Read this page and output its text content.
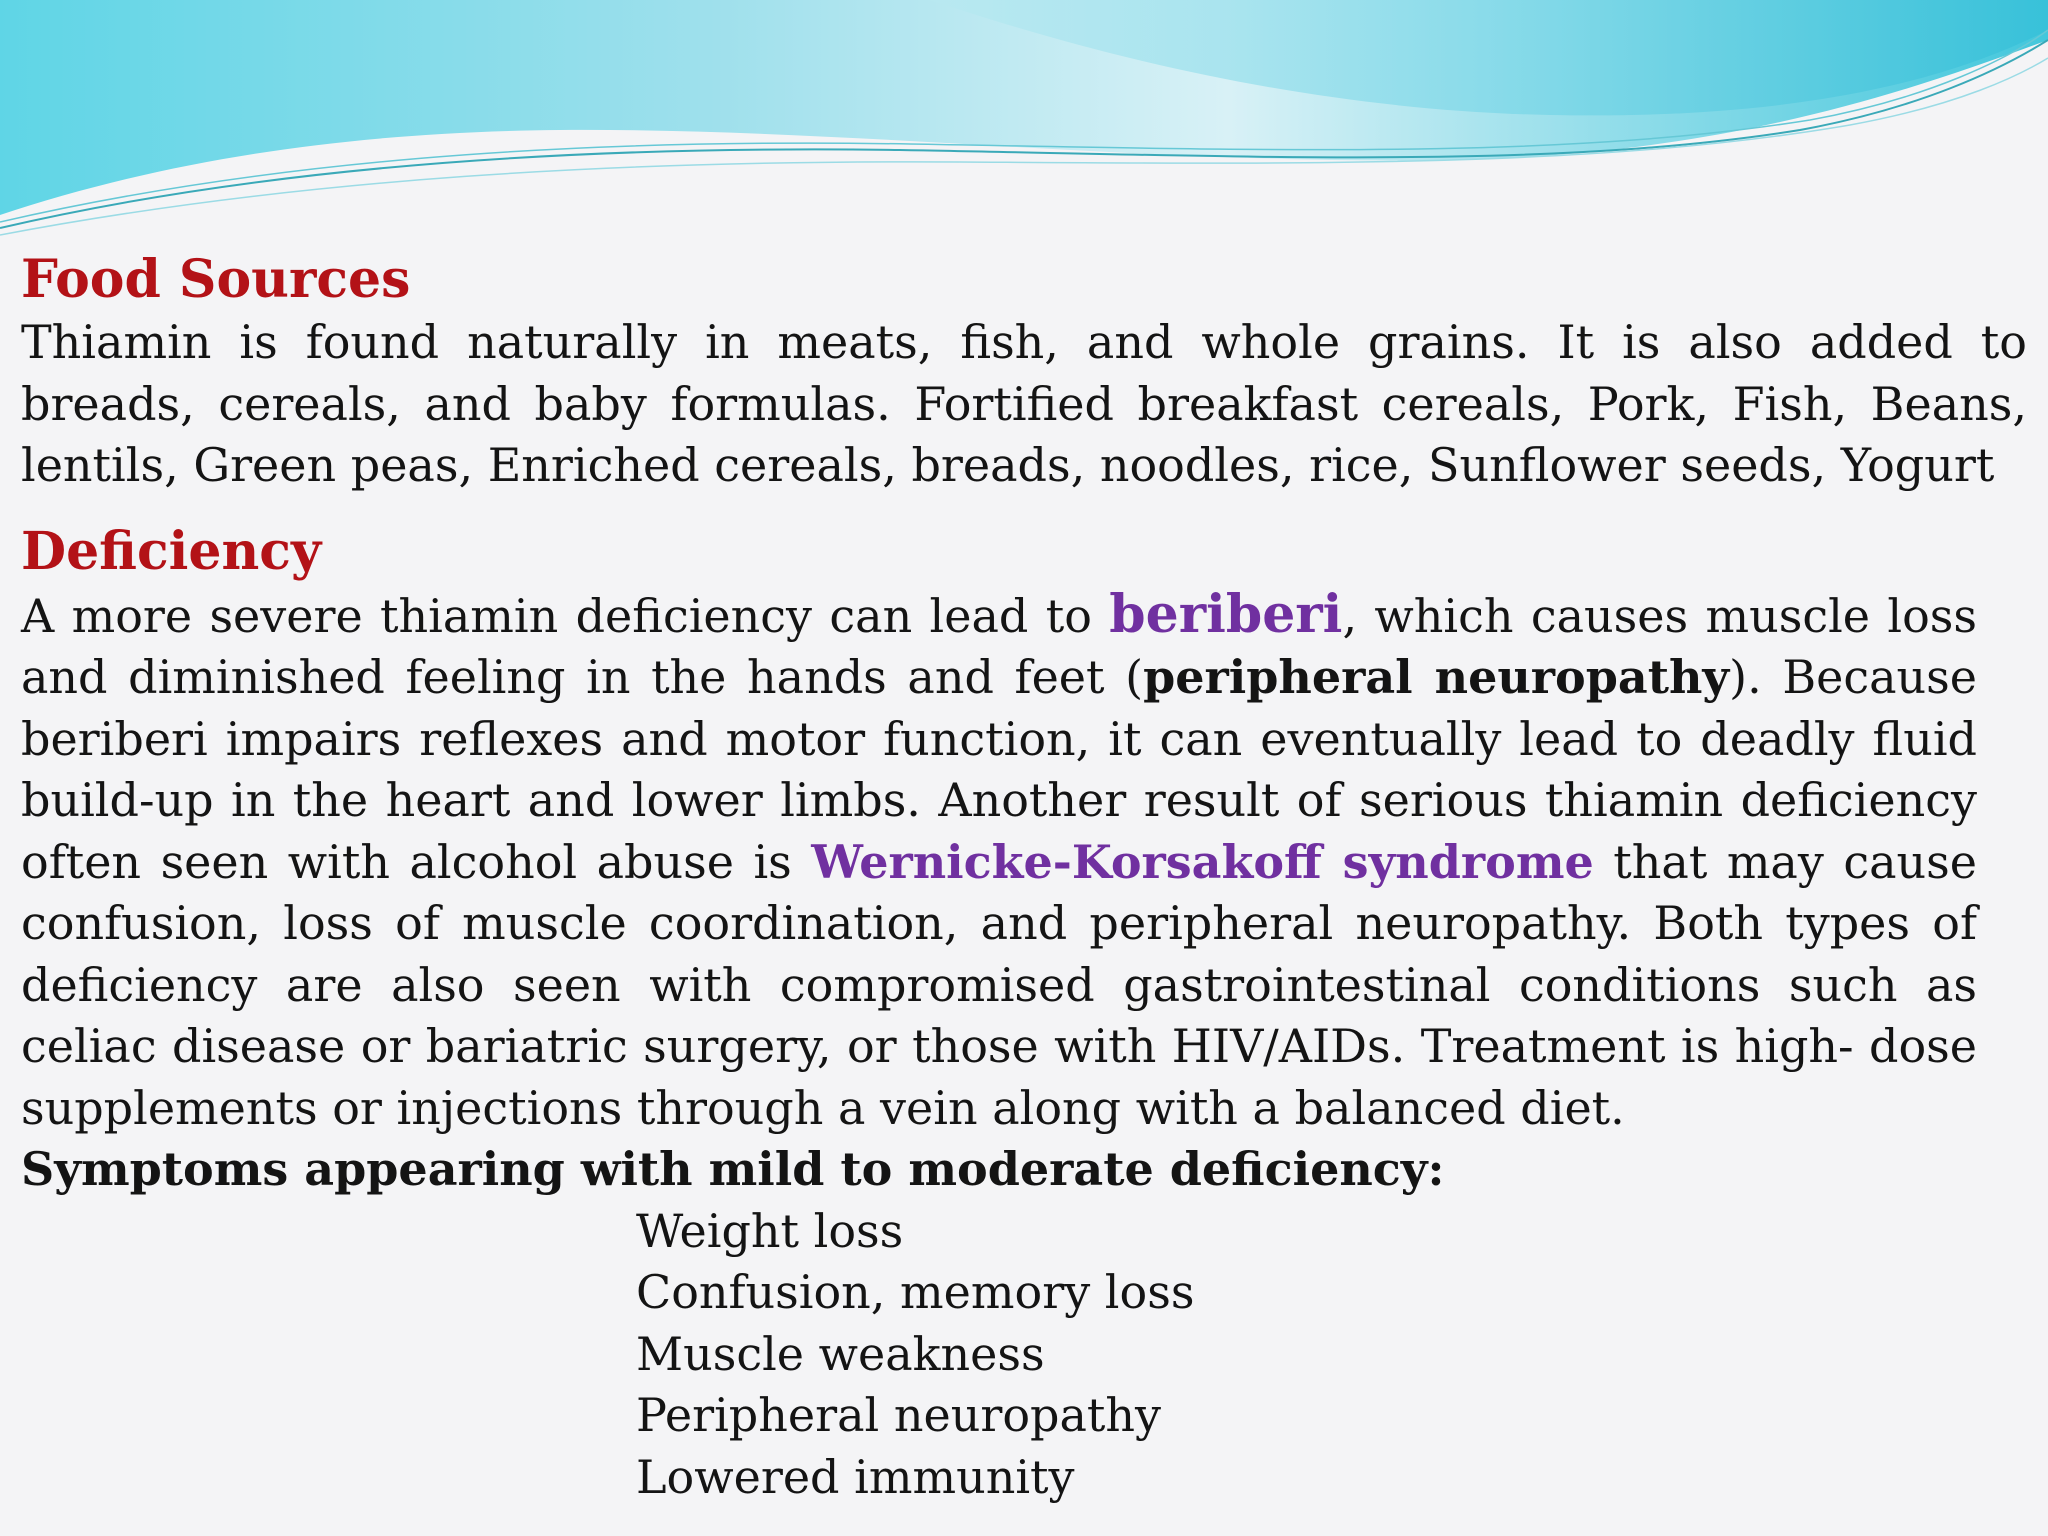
Food Sources

Thiamin is found naturally in meats, fish, and whole grains. It is also added to breads, cereals, and baby formulas. Fortified breakfast cereals, Pork, Fish, Beans, lentils, Green peas, Enriched cereals, breads, noodles, rice, Sunflower seeds, Yogurt

Deficiency

A more severe thiamin deficiency can lead to beriberi, which causes muscle loss and diminished feeling in the hands and feet (peripheral neuropathy). Because beriberi impairs reflexes and motor function, it can eventually lead to deadly fluid build-up in the heart and lower limbs. Another result of serious thiamin deficiency often seen with alcohol abuse is Wernicke-Korsakoff syndrome that may cause confusion, loss of muscle coordination, and peripheral neuropathy. Both types of deficiency are also seen with compromised gastrointestinal conditions such as celiac disease or bariatric surgery, or those with HIV/AIDs. Treatment is high- dose supplements or injections through a vein along with a balanced diet.

Symptoms appearing with mild to moderate deficiency:

Weight loss
Confusion, memory loss
Muscle weakness
Peripheral neuropathy
Lowered immunity
